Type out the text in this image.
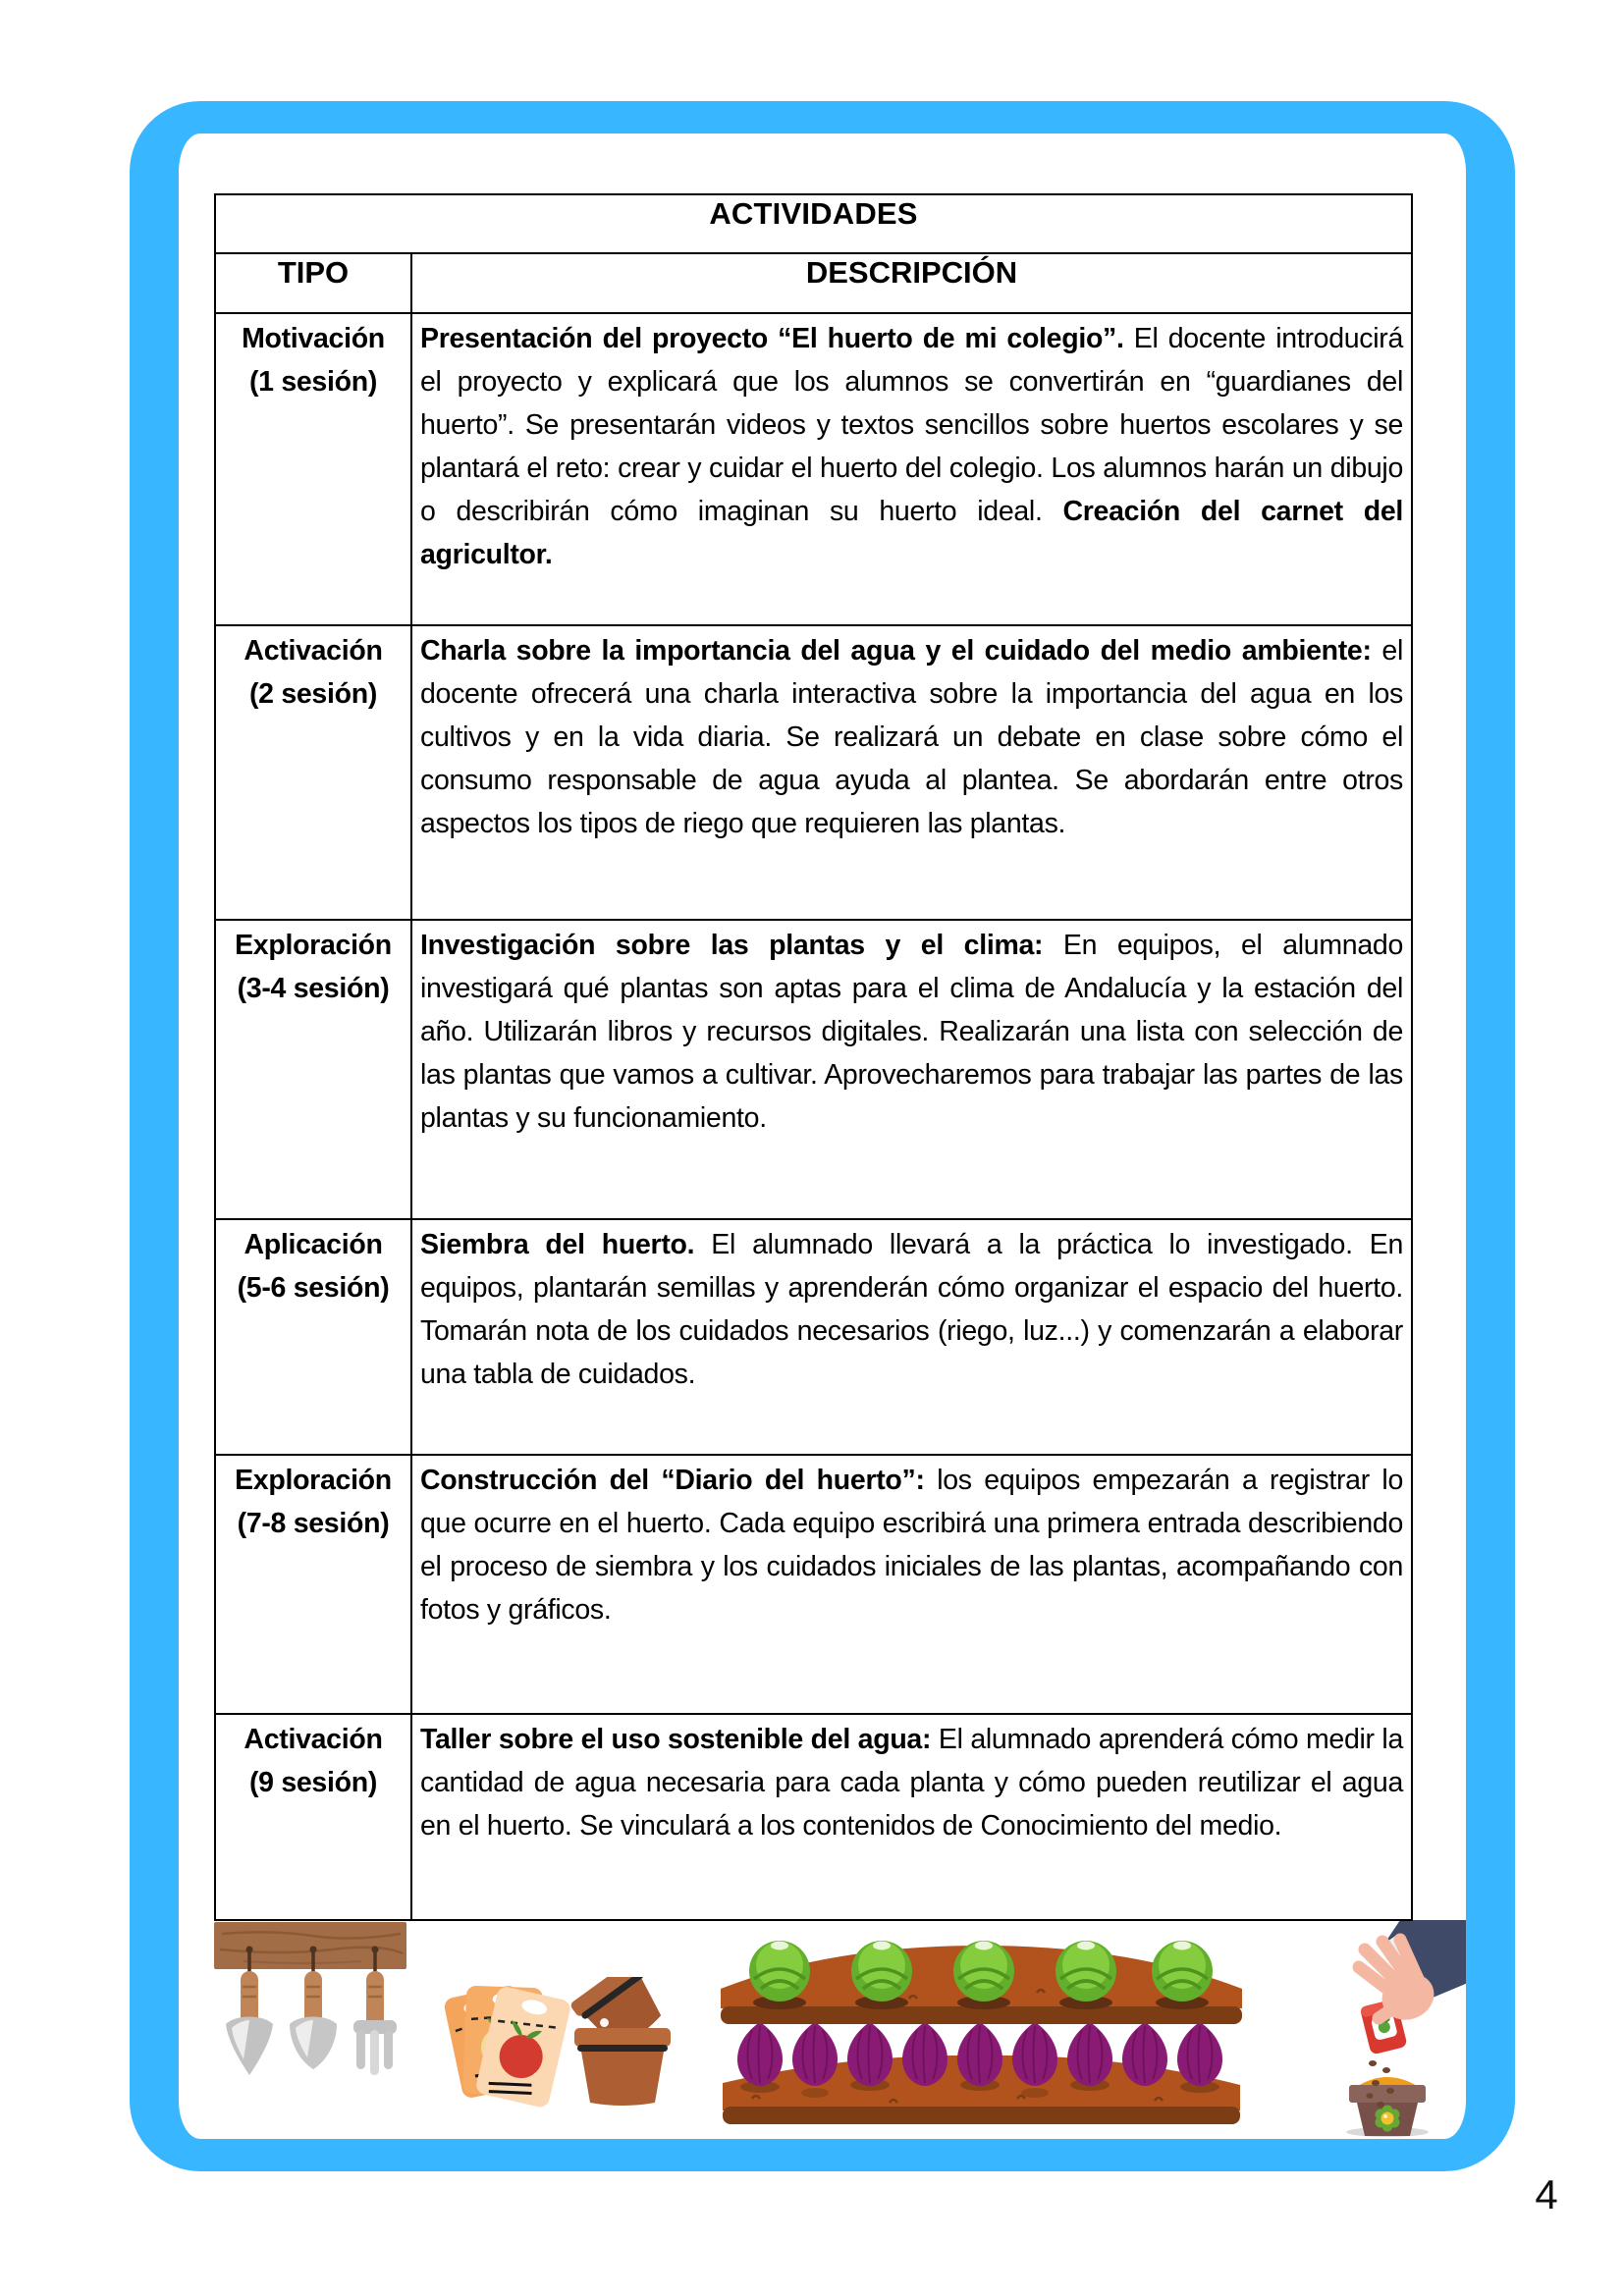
ACTIVIDADES	
TIPO	DESCRIPCIÓN

Motivación
(1 sesión)	Presentación del proyecto “El huerto de mi colegio”. El docente introducirá el proyecto y explicará que los alumnos se convertirán en “guardianes del huerto”. Se presentarán videos y textos sencillos sobre huertos escolares y se plantará el reto: crear y cuidar el huerto del colegio. Los alumnos harán un dibujo o describirán cómo imaginan su huerto ideal. Creación del carnet del agricultor.

Activación
(2 sesión)	Charla sobre la importancia del agua y el cuidado del medio ambiente: el docente ofrecerá una charla interactiva sobre la importancia del agua en los cultivos y en la vida diaria. Se realizará un debate en clase sobre cómo el consumo responsable de agua ayuda al plantea. Se abordarán entre otros aspectos los tipos de riego que requieren las plantas.

Exploración
(3-4 sesión)	Investigación sobre las plantas y el clima: En equipos, el alumnado investigará qué plantas son aptas para el clima de Andalucía y la estación del año. Utilizarán libros y recursos digitales. Realizarán una lista con selección de las plantas que vamos a cultivar. Aprovecharemos para trabajar las partes de las plantas y su funcionamiento.

Aplicación
(5-6 sesión)	Siembra del huerto. El alumnado llevará a la práctica lo investigado. En equipos, plantarán semillas y aprenderán cómo organizar el espacio del huerto. Tomarán nota de los cuidados necesarios (riego, luz...) y comenzarán a elaborar una tabla de cuidados.

Exploración
(7-8 sesión)	Construcción del “Diario del huerto”: los equipos empezarán a registrar lo que ocurre en el huerto. Cada equipo escribirá una primera entrada describiendo el proceso de siembra y los cuidados iniciales de las plantas, acompañando con fotos y gráficos.

Activación
(9 sesión)	Taller sobre el uso sostenible del agua: El alumnado aprenderá cómo medir la cantidad de agua necesaria para cada planta y cómo pueden reutilizar el agua en el huerto. Se vinculará a los contenidos de Conocimiento del medio.
4
